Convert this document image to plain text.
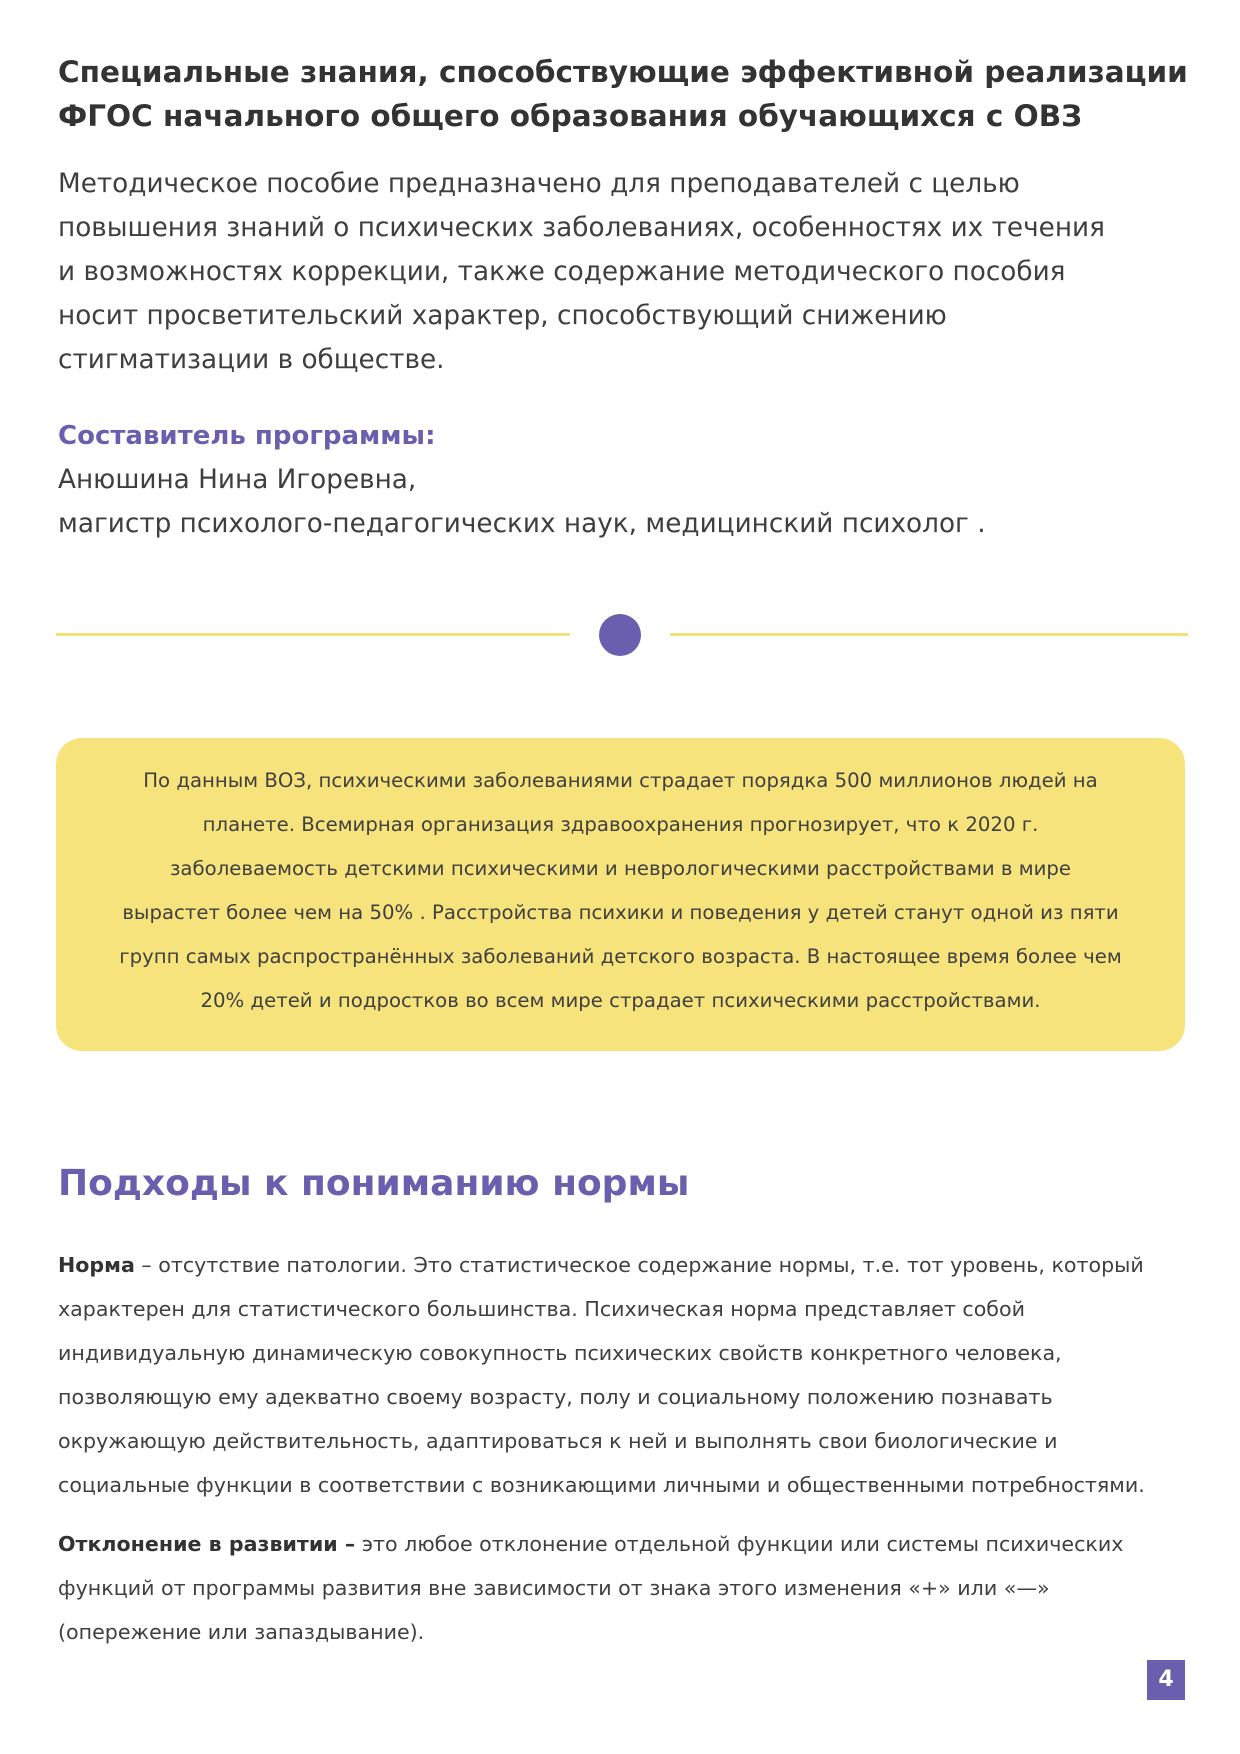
Специальные знания, способствующие эффективной реализации
ФГОС начального общего образования обучающихся с ОВЗ

Методическое пособие предназначено для преподавателей с целью
повышения знаний о психических заболеваниях, особенностях их течения
и возможностях коррекции, также содержание методического пособия
носит просветительский характер, способствующий снижению
стигматизации в обществе.

Составитель программы:

Анюшина Нина Игоревна,

магистр психолого-педагогических наук, медицинский психолог .

По данным ВОЗ, психическими заболеваниями страдает порядка 500 миллионов людей на
планете. Всемирная организация здравоохранения прогнозирует, что к 2020 г.
заболеваемость детскими психическими и неврологическими расстройствами в мире
вырастет более чем на 50% . Расстройства психики и поведения у детей станут одной из пяти
групп самых распространённых заболеваний детского возраста. В настоящее время более чем
20% детей и подростков во всем мире страдает психическими расстройствами.

Подходы к пониманию нормы

Норма – отсутствие патологии. Это статистическое содержание нормы, т.е. тот уровень, который
характерен для статистического большинства. Психическая норма представляет собой
индивидуальную динамическую совокупность психических свойств конкретного человека,
позволяющую ему адекватно своему возрасту, полу и социальному положению познавать
окружающую действительность, адаптироваться к ней и выполнять свои биологические и
социальные функции в соответствии с возникающими личными и общественными потребностями.

Отклонение в развитии – это любое отклонение отдельной функции или системы психических
функций от программы развития вне зависимости от знака этого изменения «+» или «—»
(опережение или запаздывание).

4
